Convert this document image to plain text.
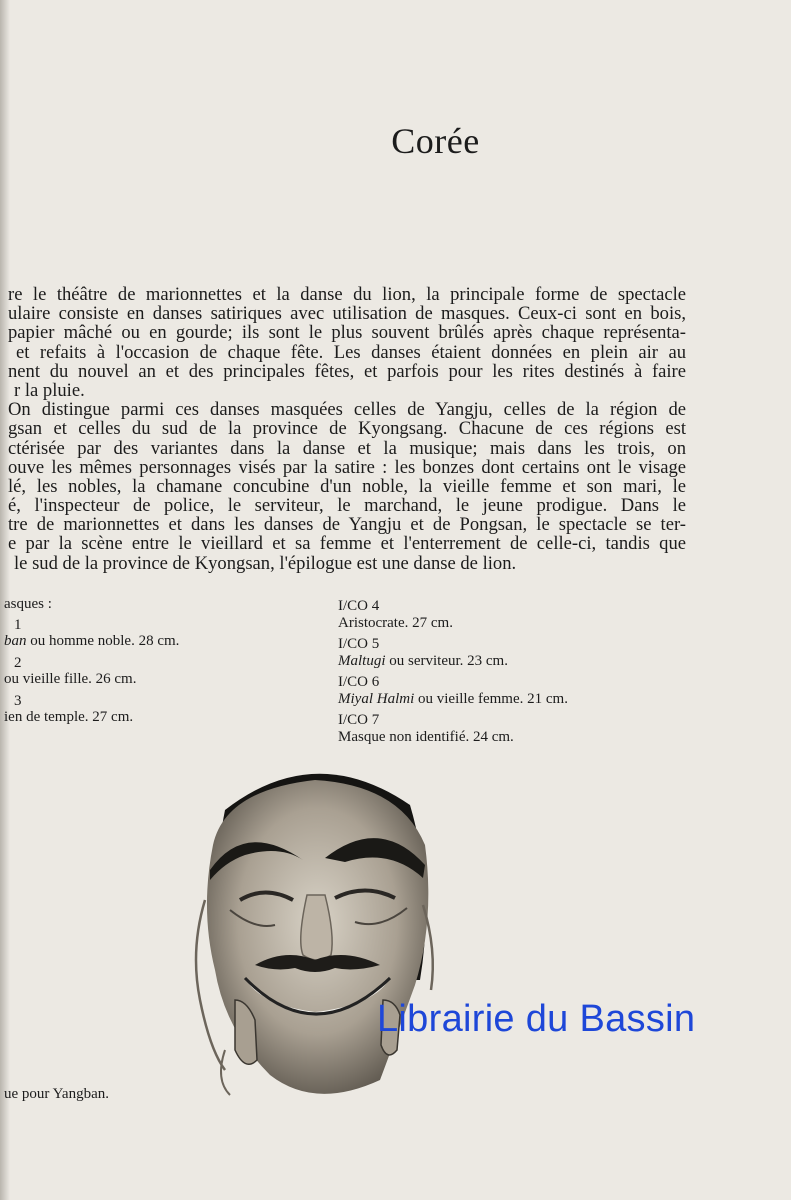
Corée
re le théâtre de marionnettes et la danse du lion, la principale forme de spectacle
ulaire consiste en danses satiriques avec utilisation de masques. Ceux-ci sont en bois,
papier mâché ou en gourde; ils sont le plus souvent brûlés après chaque représenta-
et refaits à l'occasion de chaque fête. Les danses étaient données en plein air au
nent du nouvel an et des principales fêtes, et parfois pour les rites destinés à faire
r la pluie.
On distingue parmi ces danses masquées celles de Yangju, celles de la région de
gsan et celles du sud de la province de Kyongsang. Chacune de ces régions est
ctérisée par des variantes dans la danse et la musique; mais dans les trois, on
ouve les mêmes personnages visés par la satire : les bonzes dont certains ont le visage
lé, les nobles, la chamane concubine d'un noble, la vieille femme et son mari, le
é, l'inspecteur de police, le serviteur, le marchand, le jeune prodigue. Dans le
tre de marionnettes et dans les danses de Yangju et de Pongsan, le spectacle se ter-
e par la scène entre le vieillard et sa femme et l'enterrement de celle-ci, tandis que
le sud de la province de Kyongsan, l'épilogue est une danse de lion.
asques :
1
ban ou homme noble. 28 cm.
2
ou vieille fille. 26 cm.
3
ien de temple. 27 cm.
I/CO 4
Aristocrate. 27 cm.
I/CO 5
Maltugi ou serviteur. 23 cm.
I/CO 6
Miyal Halmi ou vieille femme. 21 cm.
I/CO 7
Masque non identifié. 24 cm.
Librairie du Bassin
ue pour Yangban.
